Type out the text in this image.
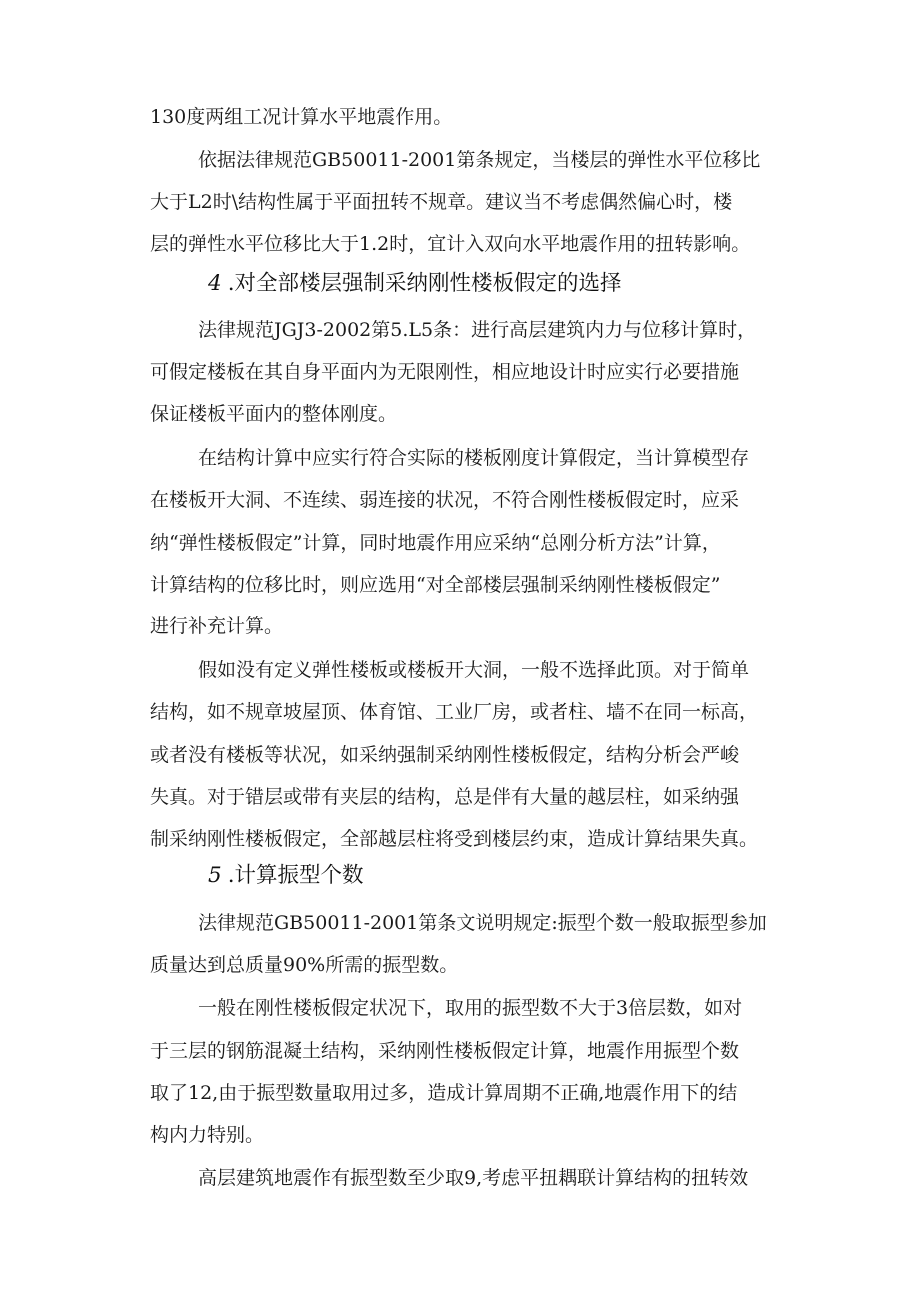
130度两组工况计算水平地震作用。
依据法律规范GB50011-2001第条规定，当楼层的弹性水平位移比
大于L2时\结构性属于平面扭转不规章。建议当不考虑偶然偏心时，楼
层的弹性水平位移比大于1.2时，宜计入双向水平地震作用的扭转影响。
4 .对全部楼层强制采纳刚性楼板假定的选择
法律规范JGJ3-2002第5.L5条：进行高层建筑内力与位移计算时，
可假定楼板在其自身平面内为无限刚性，相应地设计时应实行必要措施
保证楼板平面内的整体刚度。
在结构计算中应实行符合实际的楼板刚度计算假定，当计算模型存
在楼板开大洞、不连续、弱连接的状况，不符合刚性楼板假定时，应采
纳“弹性楼板假定”计算，同时地震作用应采纳“总刚分析方法”计算，
计算结构的位移比时，则应选用“对全部楼层强制采纳刚性楼板假定”
进行补充计算。
假如没有定义弹性楼板或楼板开大洞，一般不选择此顶。对于简单
结构，如不规章坡屋顶、体育馆、工业厂房，或者柱、墙不在同一标高，
或者没有楼板等状况，如采纳强制采纳刚性楼板假定，结构分析会严峻
失真。对于错层或带有夹层的结构，总是伴有大量的越层柱，如采纳强
制采纳刚性楼板假定，全部越层柱将受到楼层约束，造成计算结果失真。
5 .计算振型个数
法律规范GB50011-2001第条文说明规定:振型个数一般取振型参加
质量达到总质量90%所需的振型数。
一般在刚性楼板假定状况下，取用的振型数不大于3倍层数，如对
于三层的钢筋混凝土结构，采纳刚性楼板假定计算，地震作用振型个数
取了12,由于振型数量取用过多，造成计算周期不正确,地震作用下的结
构内力特别。
高层建筑地震作有振型数至少取9,考虑平扭耦联计算结构的扭转效
